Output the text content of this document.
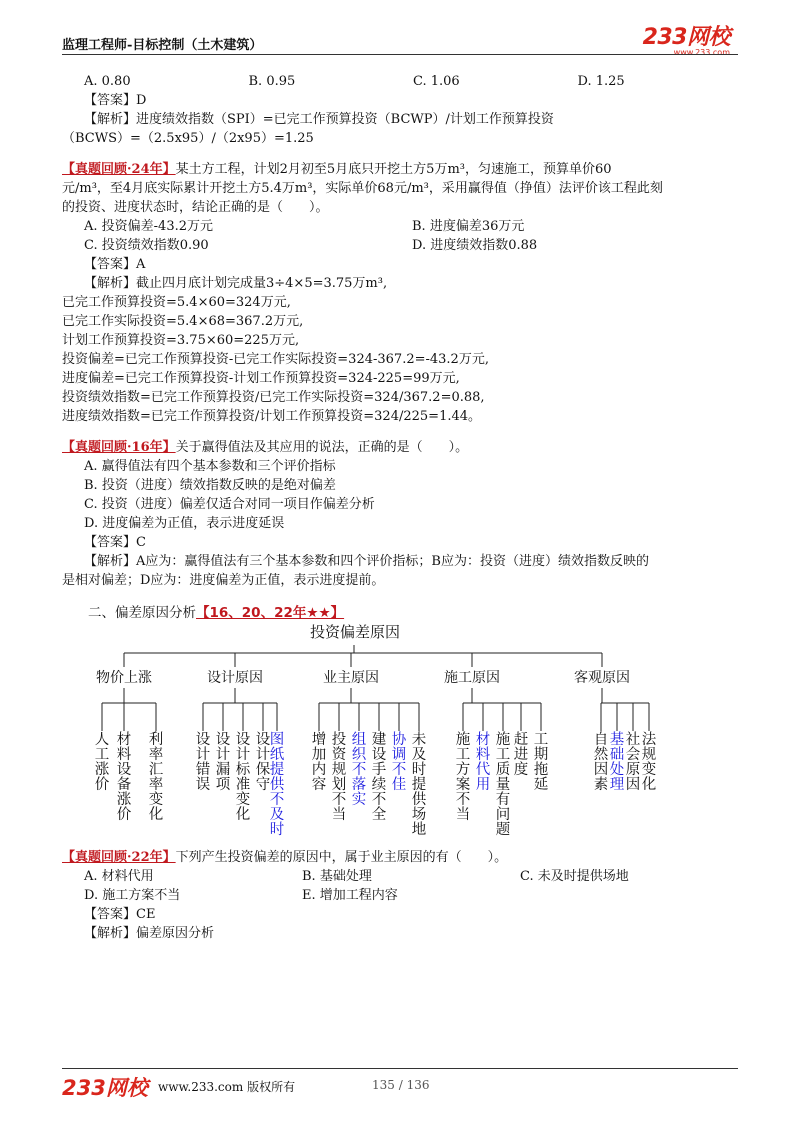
监理工程师-目标控制（土木建筑）	233网校
www.233.com
A. 0.80	B. 0.95	C. 1.06	D. 1.25
【答案】D
【解析】进度绩效指数（SPI）=已完工作预算投资（BCWP）/计划工作预算投资
（BCWS）=（2.5x95）/（2x95）=1.25
【真题回顾·24年】某土方工程，计划2月初至5月底只开挖土方5万m³，匀速施工，预算单价60
元/m³，至4月底实际累计开挖土方5.4万m³，实际单价68元/m³，采用赢得值（挣值）法评价该工程此刻
的投资、进度状态时，结论正确的是（　　）。
A. 投资偏差-43.2万元	B. 进度偏差36万元
C. 投资绩效指数0.90	D. 进度绩效指数0.88
【答案】A
【解析】截止四月底计划完成量3÷4×5=3.75万m³,
已完工作预算投资=5.4×60=324万元,
已完工作实际投资=5.4×68=367.2万元,
计划工作预算投资=3.75×60=225万元,
投资偏差=已完工作预算投资-已完工作实际投资=324-367.2=-43.2万元,
进度偏差=已完工作预算投资-计划工作预算投资=324-225=99万元,
投资绩效指数=已完工作预算投资/已完工作实际投资=324/367.2=0.88,
进度绩效指数=已完工作预算投资/计划工作预算投资=324/225=1.44。
【真题回顾·16年】关于赢得值法及其应用的说法，正确的是（　　）。
A. 赢得值法有四个基本参数和三个评价指标
B. 投资（进度）绩效指数反映的是绝对偏差
C. 投资（进度）偏差仅适合对同一项目作偏差分析
D. 进度偏差为正值，表示进度延误
【答案】C
【解析】A应为：赢得值法有三个基本参数和四个评价指标；B应为：投资（进度）绩效指数反映的
是相对偏差；D应为：进度偏差为正值，表示进度提前。
二、偏差原因分析【16、20、22年★★】
投资偏差原因
物价上涨
人工涨价
材料设备涨价
利率汇率变化
设计原因
设计错误
设计漏项
设计标准变化
设计保守
图纸提供不及时
业主原因
增加内容
投资规划不当
组织不落实
建设手续不全
协调不佳
未及时提供场地
施工原因
施工方案不当
材料代用
施工质量有问题
赶进度
工期拖延
客观原因
自然因素
基础处理
社会原因
法规变化
【真题回顾·22年】下列产生投资偏差的原因中，属于业主原因的有（　　）。
A. 材料代用	B. 基础处理	C. 未及时提供场地
D. 施工方案不当	E. 增加工程内容
【答案】CE
【解析】偏差原因分析
233网校 www.233.com 版权所有	135 / 136
